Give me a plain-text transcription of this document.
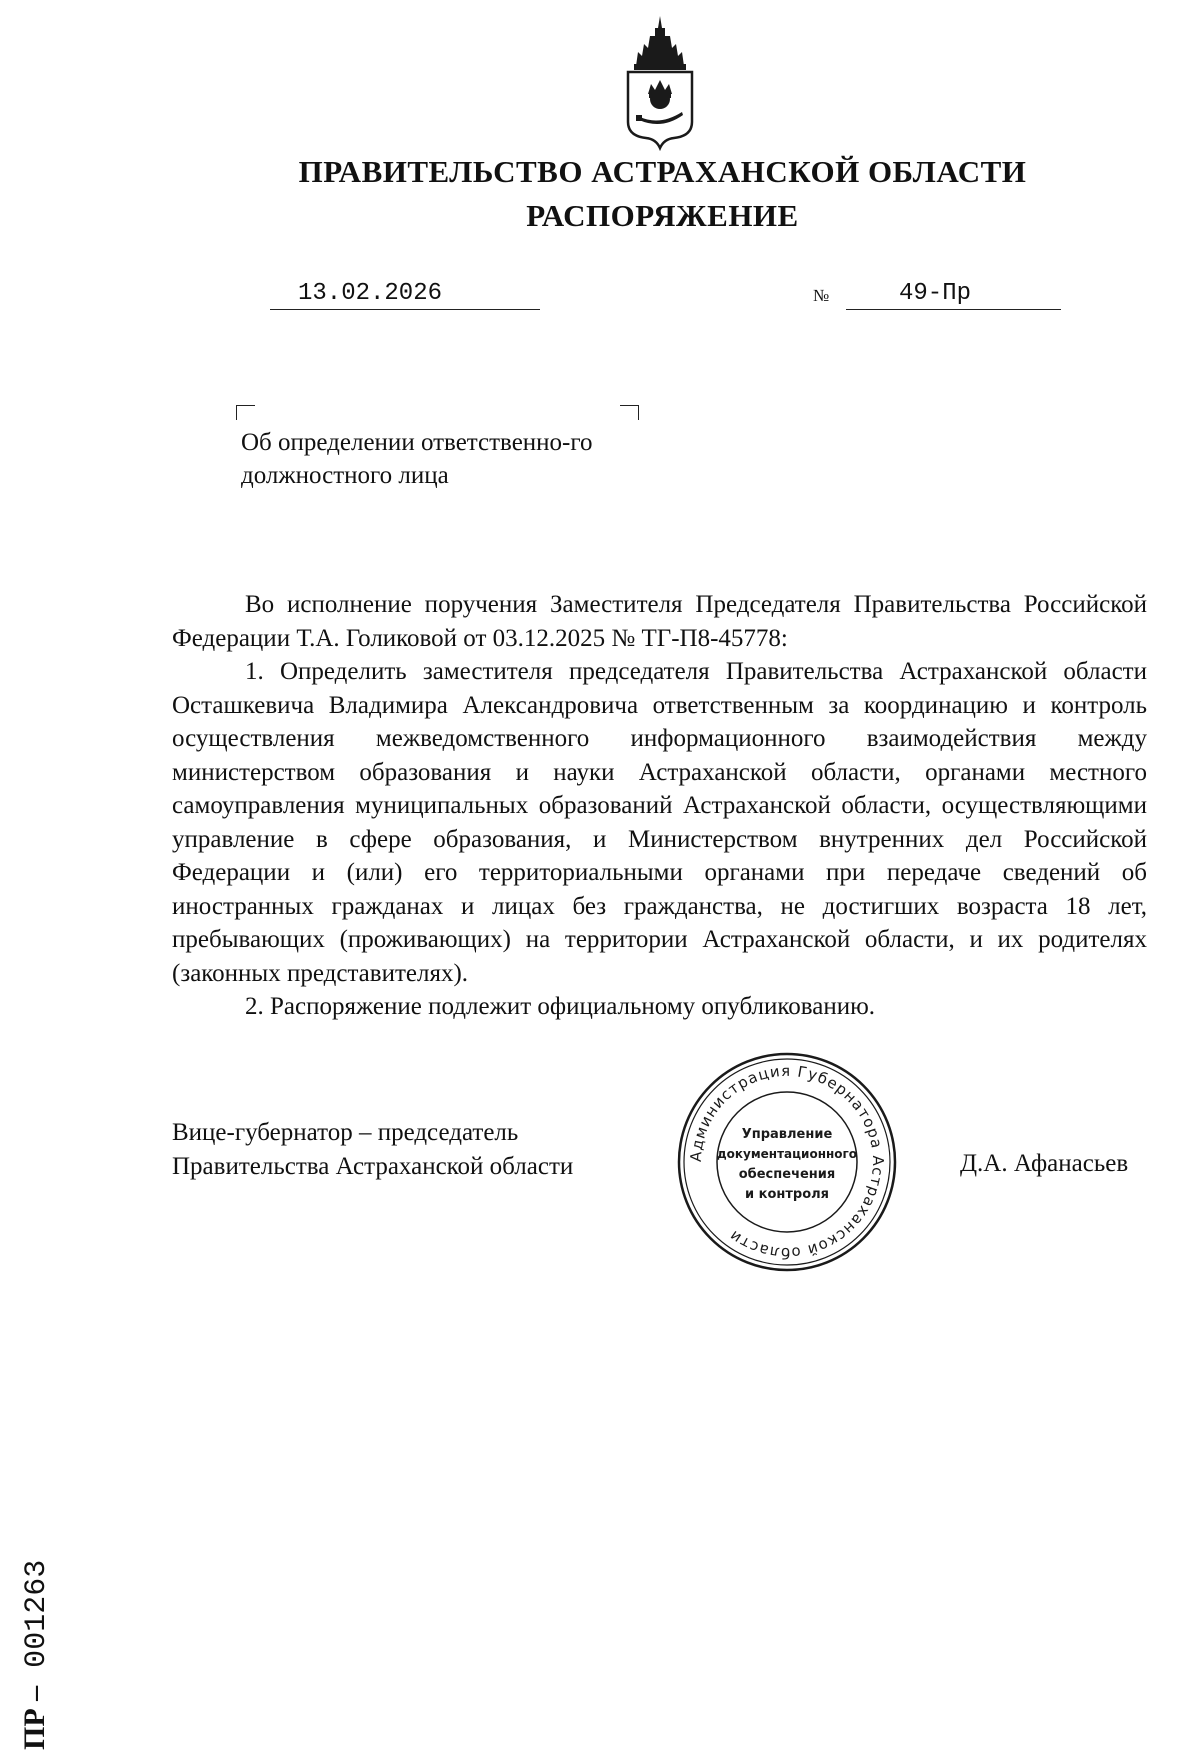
ПРАВИТЕЛЬСТВО АСТРАХАНСКОЙ ОБЛАСТИ
РАСПОРЯЖЕНИЕ
13.02.2026	№	49-Пр
Об определении ответственно-го должностного лица

Во исполнение поручения Заместителя Председателя Правительства Российской Федерации Т.А. Голиковой от 03.12.2025 № ТГ-П8-45778:

1. Определить заместителя председателя Правительства Астраханской области Осташкевича Владимира Александровича ответственным за координацию и контроль осуществления межведомственного информационного взаимодействия между министерством образования и науки Астраханской области, органами местного самоуправления муниципальных образований Астраханской области, осуществляющими управление в сфере образования, и Министерством внутренних дел Российской Федерации и (или) его территориальными органами при передаче сведений об иностранных гражданах и лицах без гражданства, не достигших возраста 18 лет, пребывающих (проживающих) на территории Астраханской области, и их родителях (законных представителях).

2. Распоряжение подлежит официальному опубликованию.

Вице-губернатор – председатель
Правительства Астраханской области	Администрация Губернатора Астраханской области
Управление
документационного
обеспечения
и контроля
Д.А. Афанасьев
ПР – 001263
